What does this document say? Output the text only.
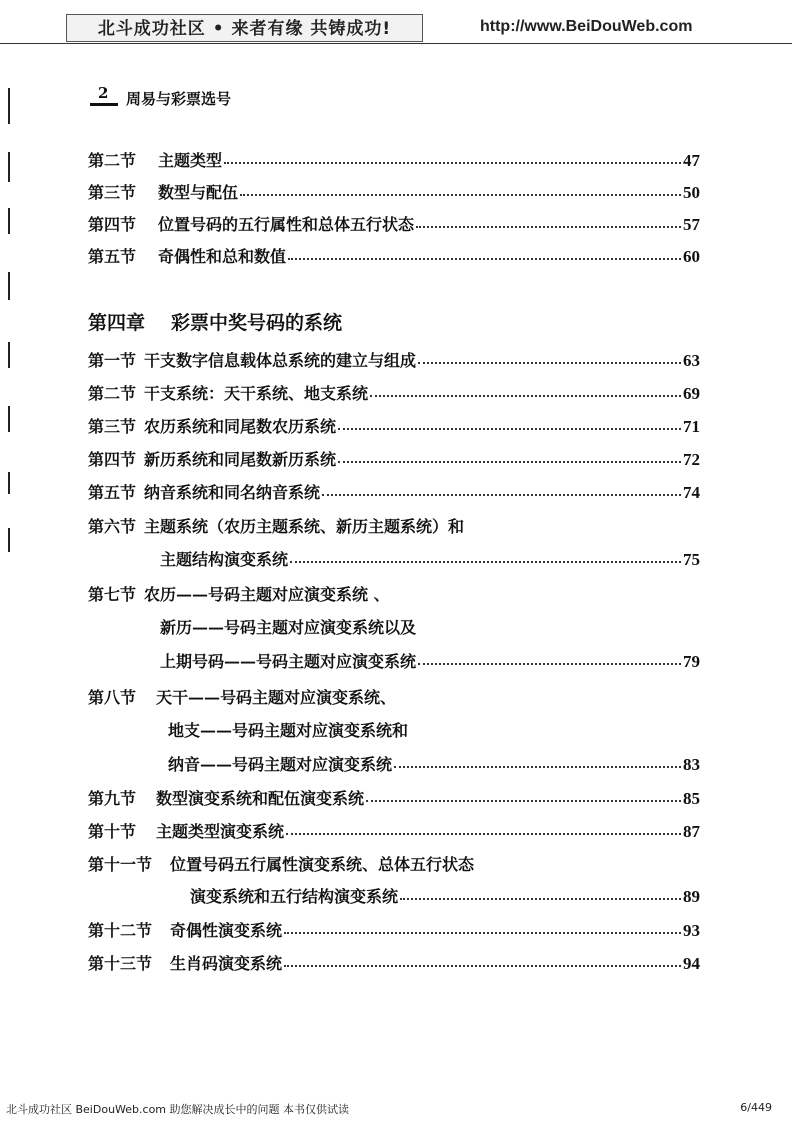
北斗成功社区 • 来者有缘 共铸成功!	http://www.BeiDouWeb.com
2 周易与彩票选号
第二节 主题类型	47
第三节 数型与配伍	50
第四节 位置号码的五行属性和总体五行状态	57
第五节 奇偶性和总和数值	60
第四章 彩票中奖号码的系统
第一节 干支数字信息载体总系统的建立与组成	63
第二节 干支系统：天干系统、地支系统	69
第三节 农历系统和同尾数农历系统	71
第四节 新历系统和同尾数新历系统	72
第五节 纳音系统和同名纳音系统	74
第六节 主题系统（农历主题系统、新历主题系统）和
主题结构演变系统	75
第七节 农历——号码主题对应演变系统 、
新历——号码主题对应演变系统以及
上期号码——号码主题对应演变系统	79
第八节 天干——号码主题对应演变系统、
地支——号码主题对应演变系统和
纳音——号码主题对应演变系统	83
第九节 数型演变系统和配伍演变系统	85
第十节 主题类型演变系统	87
第十一节 位置号码五行属性演变系统、总体五行状态
演变系统和五行结构演变系统	89
第十二节 奇偶性演变系统	93
第十三节 生肖码演变系统	94
北斗成功社区 BeiDouWeb.com 助您解决成长中的问题 本书仅供试读	6/449
